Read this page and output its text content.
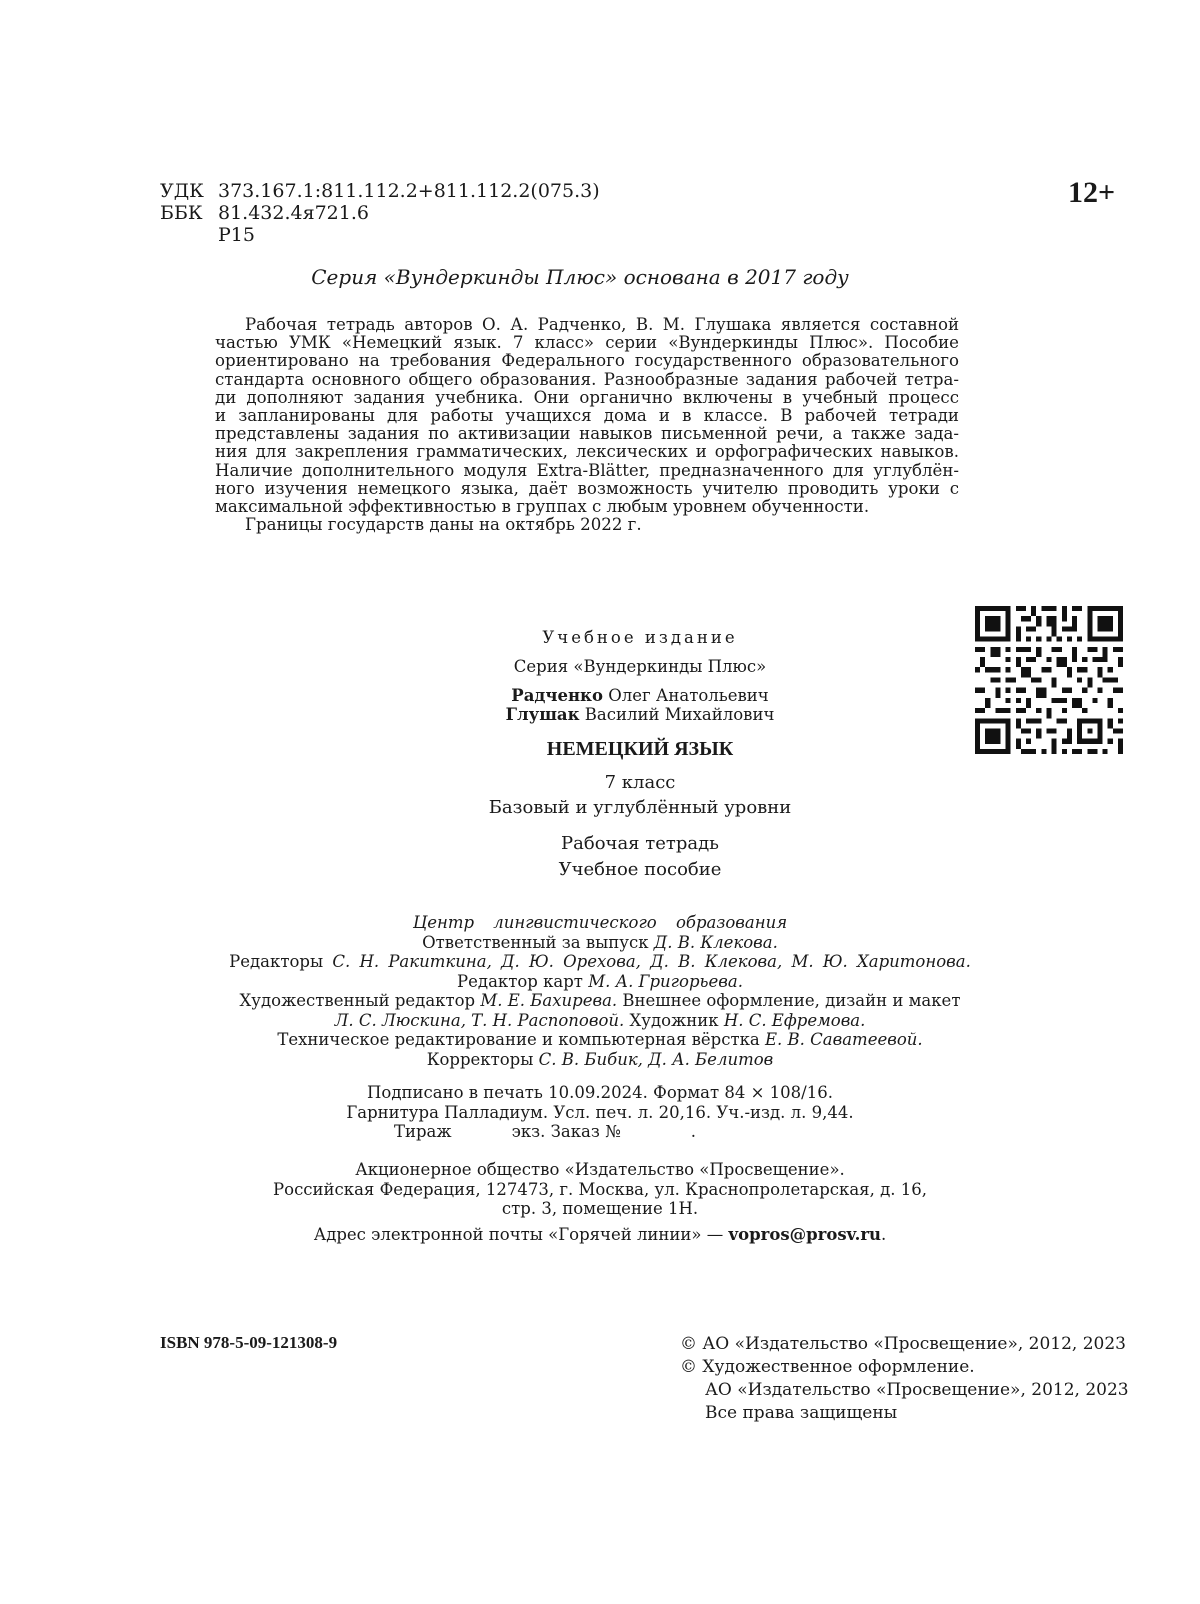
УДК 373.167.1:811.112.2+811.112.2(075.3)
ББК 81.432.4я721.6
Р15
12+
Серия «Вундеркинды Плюс» основана в 2017 году
Рабочая тетрадь авторов О. А. Радченко, В. М. Глушака является составной
частью УМК «Немецкий язык. 7 класс» серии «Вундеркинды Плюс». Пособие
ориентировано на требования Федерального государственного образовательного
стандарта основного общего образования. Разнообразные задания рабочей тетра-
ди дополняют задания учебника. Они органично включены в учебный процесс
и запланированы для работы учащихся дома и в классе. В рабочей тетради
представлены задания по активизации навыков письменной речи, а также зада-
ния для закрепления грамматических, лексических и орфографических навыков.
Наличие дополнительного модуля Extra-Blätter, предназначенного для углублён-
ного изучения немецкого языка, даёт возможность учителю проводить уроки с
максимальной эффективностью в группах с любым уровнем обученности.
Границы государств даны на октябрь 2022 г.
Учебное издание
Серия «Вундеркинды Плюс»
Радченко Олег Анатольевич
Глушак Василий Михайлович
НЕМЕЦКИЙ ЯЗЫК
7 класс
Базовый и углублённый уровни
Рабочая тетрадь
Учебное пособие
Центр лингвистического образования
Ответственный за выпуск Д. В. Клекова.
Редакторы С. Н. Ракиткина, Д. Ю. Орехова, Д. В. Клекова, М. Ю. Харитонова.
Редактор карт М. А. Григорьева.
Художественный редактор М. Е. Бахирева. Внешнее оформление, дизайн и макет
Л. С. Люскина, Т. Н. Распоповой. Художник Н. С. Ефремова.
Техническое редактирование и компьютерная вёрстка Е. В. Саватеевой.
Корректоры С. В. Бибик, Д. А. Белитов
Подписано в печать 10.09.2024. Формат 84 × 108/16.
Гарнитура Палладиум. Усл. печ. л. 20,16. Уч.-изд. л. 9,44.
Тираж	экз. Заказ №	.
Акционерное общество «Издательство «Просвещение».
Российская Федерация, 127473, г. Москва, ул. Краснопролетарская, д. 16,
стр. 3, помещение 1Н.
Адрес электронной почты «Горячей линии» — vopros@prosv.ru.
ISBN 978-5-09-121308-9	© АО «Издательство «Просвещение», 2012, 2023
© Художественное оформление.
АО «Издательство «Просвещение», 2012, 2023
Все права защищены
